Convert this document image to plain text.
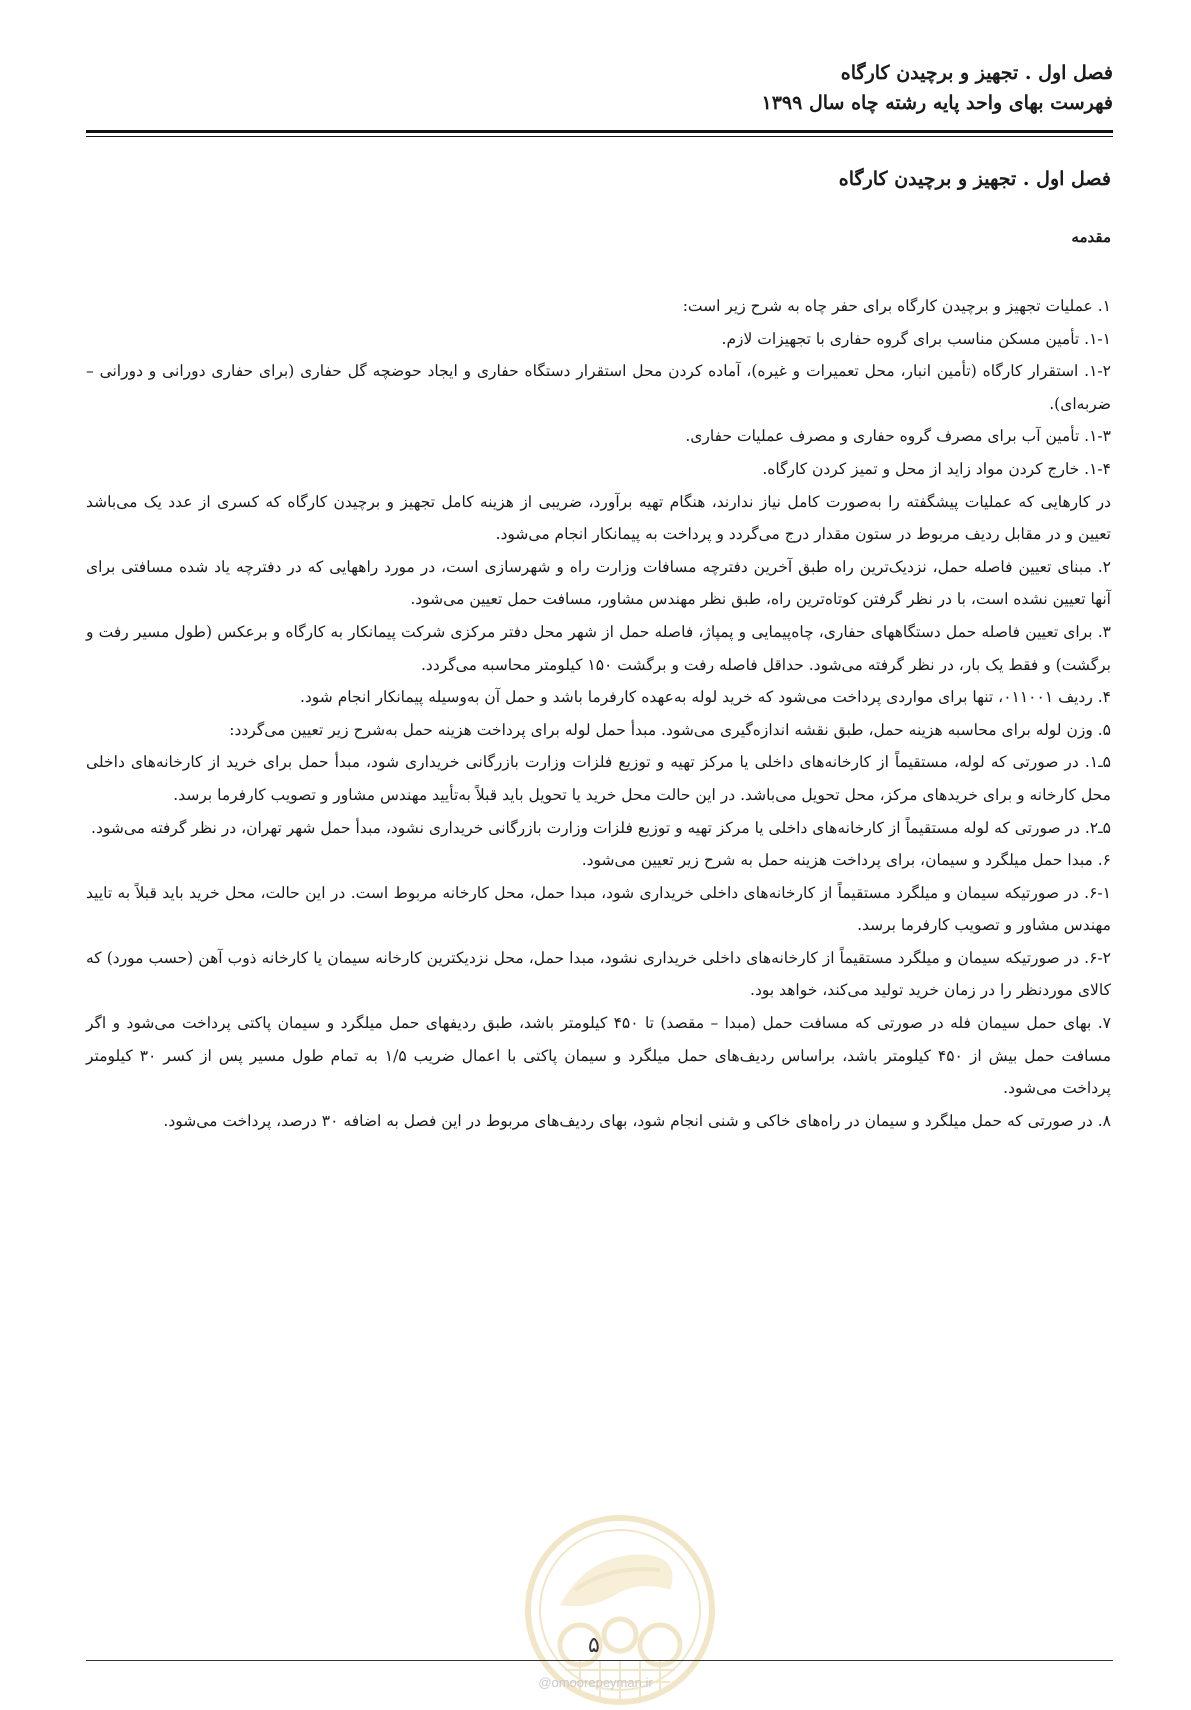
فصل اول . تجهیز و برچیدن کارگاه
فهرست بهای واحد پایه رشته چاه سال ۱۳۹۹
فصل اول . تجهیز و برچیدن کارگاه
مقدمه

۱. عملیات تجهیز و برچیدن کارگاه برای حفر چاه به شرح زیر است:

۱-۱. تأمین مسکن مناسب برای گروه حفاری با تجهیزات لازم.

۱-۲. استقرار کارگاه (تأمین انبار، محل تعمیرات و غیره)، آماده کردن محل استقرار دستگاه حفاری و ایجاد حوضچه گل حفاری (برای حفاری دورانی و دورانی – ضربه‌ای).

۱-۳. تأمین آب برای مصرف گروه حفاری و مصرف عملیات حفاری.

۱-۴. خارج کردن مواد زاید از محل و تمیز کردن کارگاه.

در کارهایی که عملیات پیشگفته را به‌صورت کامل نیاز ندارند، هنگام تهیه برآورد، ضریبی از هزینه کامل تجهیز و برچیدن کارگاه که کسری از عدد یک می‌باشد تعیین و در مقابل ردیف مربوط در ستون مقدار درج می‌گردد و پرداخت به پیمانکار انجام می‌شود.

۲. مبنای تعیین فاصله حمل، نزدیک‌ترین راه طبق آخرین دفترچه مسافات وزارت راه و شهرسازی است، در مورد راههایی که در دفترچه یاد شده مسافتی برای آنها تعیین نشده است، با در نظر گرفتن کوتاه‌ترین راه، طبق نظر مهندس مشاور، مسافت حمل تعیین می‌شود.

۳. برای تعیین فاصله حمل دستگاههای حفاری، چاه‌پیمایی و پمپاژ، فاصله حمل از شهر محل دفتر مرکزی شرکت پیمانکار به کارگاه و برعکس (طول مسیر رفت و برگشت) و فقط یک بار، در نظر گرفته می‌شود. حداقل فاصله رفت و برگشت ۱۵۰ کیلومتر محاسبه می‌گردد.

۴. ردیف ۰۱۱۰۰۱، تنها برای مواردی پرداخت می‌شود که خرید لوله به‌عهده کارفرما باشد و حمل آن به‌وسیله پیمانکار انجام شود.

۵. وزن لوله برای محاسبه هزینه حمل، طبق نقشه اندازه‌گیری می‌شود. مبدأ حمل لوله برای پرداخت هزینه حمل به‌شرح زیر تعیین می‌گردد:

۵ـ۱. در صورتی که لوله، مستقیماً از کارخانه‌های داخلی یا مرکز تهیه و توزیع فلزات وزارت بازرگانی خریداری شود، مبدأ حمل برای خرید از کارخانه‌های داخلی محل کارخانه و برای خریدهای مرکز، محل تحویل می‌باشد. در این حالت محل خرید یا تحویل باید قبلاً به‌تأیید مهندس مشاور و تصویب کارفرما برسد.

۵ـ۲. در صورتی که لوله مستقیماً از کارخانه‌های داخلی یا مرکز تهیه و توزیع فلزات وزارت بازرگانی خریداری نشود، مبدأ حمل شهر تهران، در نظر گرفته می‌شود.

۶. مبدا حمل میلگرد و سیمان، برای پرداخت هزینه حمل به شرح زیر تعیین می‌شود.

۶-۱. در صورتیکه سیمان و میلگرد مستقیماً از کارخانه‌های داخلی خریداری شود، مبدا حمل، محل کارخانه مربوط است. در این حالت، محل خرید باید قبلاً به تایید مهندس مشاور و تصویب کارفرما برسد.

۶-۲. در صورتیکه سیمان و میلگرد مستقیماً از کارخانه‌های داخلی خریداری نشود، مبدا حمل، محل نزدیکترین کارخانه سیمان یا کارخانه ذوب آهن (حسب مورد) که کالای موردنظر را در زمان خرید تولید می‌کند، خواهد بود.

۷. بهای حمل سیمان فله در صورتی که مسافت حمل (مبدا – مقصد) تا ۴۵۰ کیلومتر باشد، طبق ردیفهای حمل میلگرد و سیمان پاکتی پرداخت می‌شود و اگر مسافت حمل بیش از ۴۵۰ کیلومتر باشد، براساس ردیف‌های حمل میلگرد و سیمان پاکتی با اعمال ضریب ۱/۵ به تمام طول مسیر پس از کسر ۳۰ کیلومتر پرداخت می‌شود.

۸. در صورتی که حمل میلگرد و سیمان در راه‌های خاکی و شنی انجام شود، بهای ردیف‌های مربوط در این فصل به اضافه ۳۰ درصد، پرداخت می‌شود.

۵
@omoorepeyman.ir
